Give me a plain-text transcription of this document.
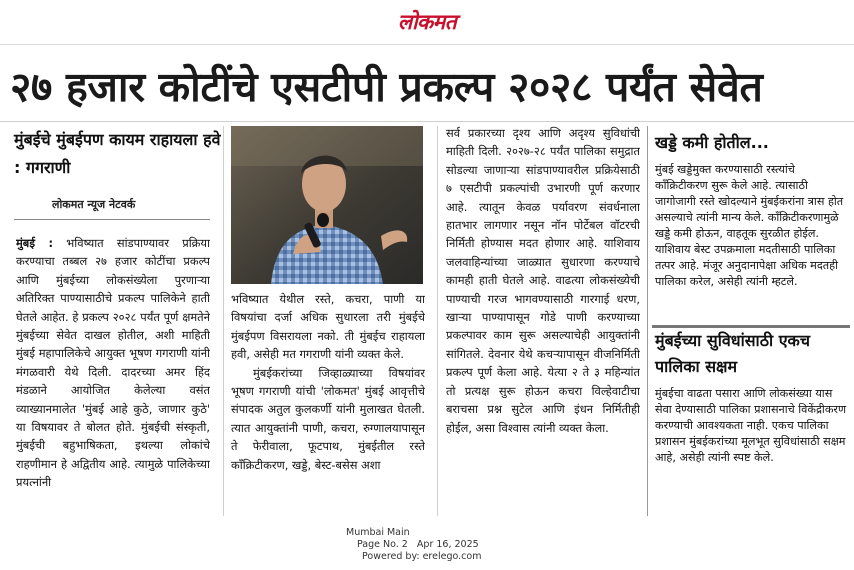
लोकमत
२७ हजार कोटींचे एसटीपी प्रकल्प २०२८ पर्यंत सेवेत
मुंबईचे मुंबईपण कायम राहायला हवे : गगराणी
लोकमत न्यूज नेटवर्क

मुंबई : भविष्यात सांडपाण्यावर प्रक्रिया करण्याचा तब्बल २७ हजार कोटींचा प्रकल्प आणि मुंबईच्या लोकसंख्येला पुरणाऱ्या अतिरिक्त पाण्यासाठीचे प्रकल्प पालिकेने हाती घेतले आहेत. हे प्रकल्प २०२८ पर्यंत पूर्ण क्षमतेने मुंबईच्या सेवेत दाखल होतील, अशी माहिती मुंबई महापालिकेचे आयुक्त भूषण गगराणी यांनी मंगळवारी येथे दिली. दादरच्या अमर हिंद मंडळाने आयोजित केलेल्या वसंत व्याख्यानमालेत 'मुंबई आहे कुठे, जाणार कुठे' या विषयावर ते बोलत होते. मुंबईची संस्कृती, मुंबईची बहुभाषिकता, इथल्या लोकांचे राहणीमान हे अद्वितीय आहे. त्यामुळे पालिकेच्या प्रयत्नांनी

भविष्यात येथील रस्ते, कचरा, पाणी या विषयांचा दर्जा अधिक सुधारला तरी मुंबईचे मुंबईपण विसरायला नको. ती मुंबईच राहायला हवी, असेही मत गगराणी यांनी व्यक्त केले.

मुंबईकरांच्या जिव्हाळ्याच्या विषयांवर भूषण गगराणी यांची 'लोकमत' मुंबई आवृत्तीचे संपादक अतुल कुलकर्णी यांनी मुलाखत घेतली. त्यात आयुक्तांनी पाणी, कचरा, रुग्णालयापासून ते फेरीवाला, फूटपाथ, मुंबईतील रस्ते काँक्रिटीकरण, खड्डे, बेस्ट-बसेस अशा

सर्व प्रकारच्या दृश्य आणि अदृश्य सुविधांची माहिती दिली. २०२७-२८ पर्यंत पालिका समुद्रात सोडल्या जाणाऱ्या सांडपाण्यावरील प्रक्रियेसाठी ७ एसटीपी प्रकल्पांची उभारणी पूर्ण करणार आहे. त्यातून केवळ पर्यावरण संवर्धनाला हातभार लागणार नसून नॉन पोर्टेबल वॉटरची निर्मिती होण्यास मदत होणार आहे. याशिवाय जलवाहिन्यांच्या जाळ्यात सुधारणा करण्याचे कामही हाती घेतले आहे. वाढत्या लोकसंख्येची पाण्याची गरज भागवण्यासाठी गारगाई धरण, खाऱ्या पाण्यापासून गोडे पाणी करण्याच्या प्रकल्पावर काम सुरू असल्याचेही आयुक्तांनी सांगितले. देवनार येथे कचऱ्यापासून वीजनिर्मिती प्रकल्प पूर्ण केला आहे. येत्या २ ते ३ महिन्यांत तो प्रत्यक्ष सुरू होऊन कचरा विल्हेवाटीचा बराचसा प्रश्न सुटेल आणि इंधन निर्मितीही होईल, असा विश्वास त्यांनी व्यक्त केला.

खड्डे कमी होतील...
मुंबई खड्डेमुक्त करण्यासाठी रस्त्यांचे काँक्रिटीकरण सुरू केले आहे. त्यासाठी जागोजागी रस्ते खोदल्याने मुंबईकरांना त्रास होत असल्याचे त्यांनी मान्य केले. काँक्रिटीकरणामुळे खड्डे कमी होऊन, वाहतूक सुरळीत होईल. याशिवाय बेस्ट उपक्रमाला मदतीसाठी पालिका तत्पर आहे. मंजूर अनुदानापेक्षा अधिक मदतही पालिका करेल, असेही त्यांनी म्हटले.
मुंबईच्या सुविधांसाठी एकच पालिका सक्षम
मुंबईचा वाढता पसारा आणि लोकसंख्या यास सेवा देण्यासाठी पालिका प्रशासनाचे विकेंद्रीकरण करण्याची आवश्यकता नाही. एकच पालिका प्रशासन मुंबईकरांच्या मूलभूत सुविधांसाठी सक्षम आहे, असेही त्यांनी स्पष्ट केले.
Mumbai Main
Page No. 2   Apr 16, 2025
Powered by: erelego.com
